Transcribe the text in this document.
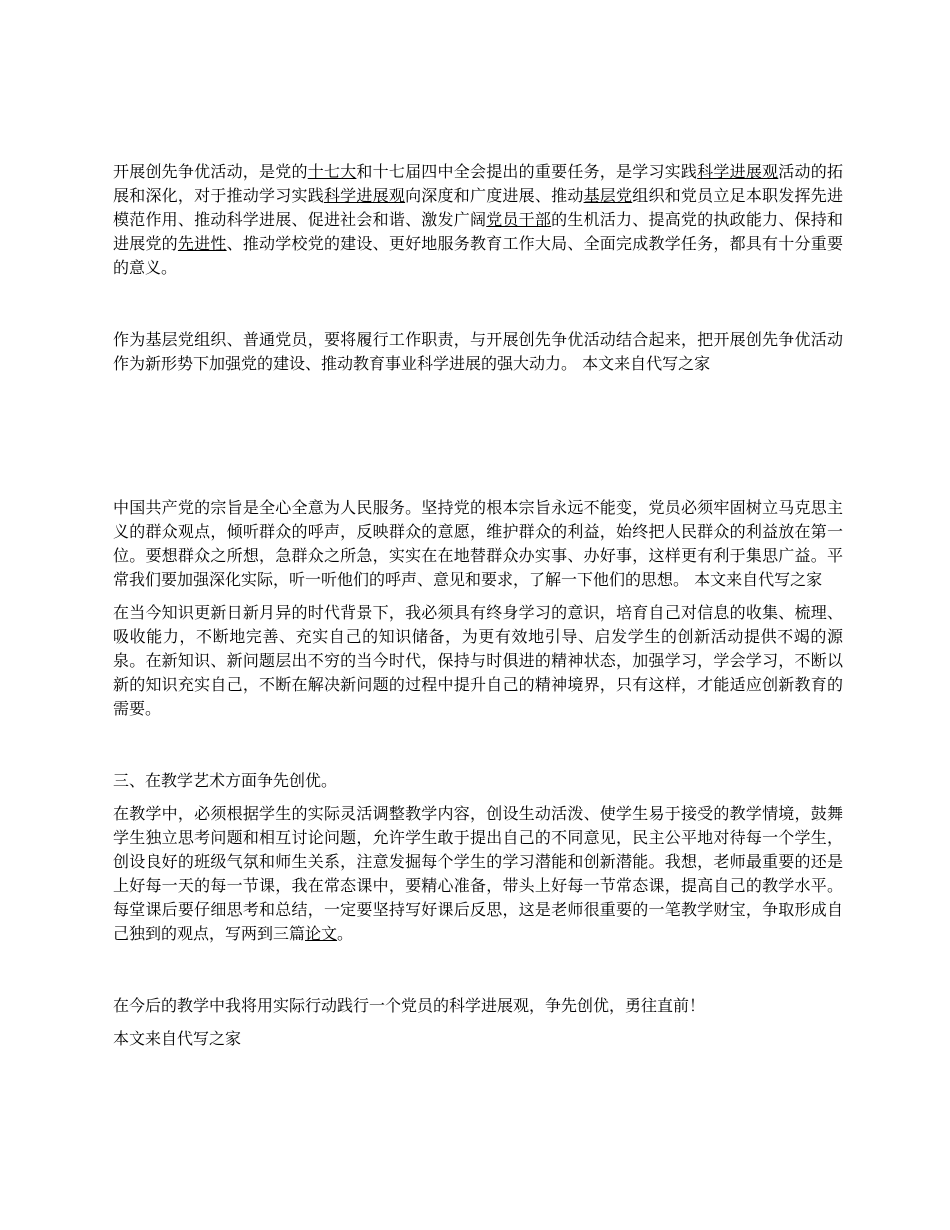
开展创先争优活动，是党的十七大和十七届四中全会提出的重要任务，是学习实践科学进展观活动的拓展和深化，对于推动学习实践科学进展观向深度和广度进展、推动基层党组织和党员立足本职发挥先进模范作用、推动科学进展、促进社会和谐、激发广阔党员干部的生机活力、提高党的执政能力、保持和进展党的先进性、推动学校党的建设、更好地服务教育工作大局、全面完成教学任务，都具有十分重要的意义。

作为基层党组织、普通党员，要将履行工作职责，与开展创先争优活动结合起来，把开展创先争优活动作为新形势下加强党的建设、推动教育事业科学进展的强大动力。 本文来自代写之家

中国共产党的宗旨是全心全意为人民服务。坚持党的根本宗旨永远不能变，党员必须牢固树立马克思主义的群众观点，倾听群众的呼声，反映群众的意愿，维护群众的利益，始终把人民群众的利益放在第一位。要想群众之所想，急群众之所急，实实在在地替群众办实事、办好事，这样更有利于集思广益。平常我们要加强深化实际，听一听他们的呼声、意见和要求，了解一下他们的思想。 本文来自代写之家

在当今知识更新日新月异的时代背景下，我必须具有终身学习的意识，培育自己对信息的收集、梳理、吸收能力，不断地完善、充实自己的知识储备，为更有效地引导、启发学生的创新活动提供不竭的源泉。在新知识、新问题层出不穷的当今时代，保持与时俱进的精神状态，加强学习，学会学习，不断以新的知识充实自己，不断在解决新问题的过程中提升自己的精神境界，只有这样，才能适应创新教育的需要。

三、在教学艺术方面争先创优。

在教学中，必须根据学生的实际灵活调整教学内容，创设生动活泼、使学生易于接受的教学情境，鼓舞学生独立思考问题和相互讨论问题，允许学生敢于提出自己的不同意见，民主公平地对待每一个学生，创设良好的班级气氛和师生关系，注意发掘每个学生的学习潜能和创新潜能。我想，老师最重要的还是上好每一天的每一节课，我在常态课中，要精心准备，带头上好每一节常态课，提高自己的教学水平。每堂课后要仔细思考和总结，一定要坚持写好课后反思，这是老师很重要的一笔教学财宝，争取形成自己独到的观点，写两到三篇论文。

在今后的教学中我将用实际行动践行一个党员的科学进展观，争先创优，勇往直前！

本文来自代写之家
